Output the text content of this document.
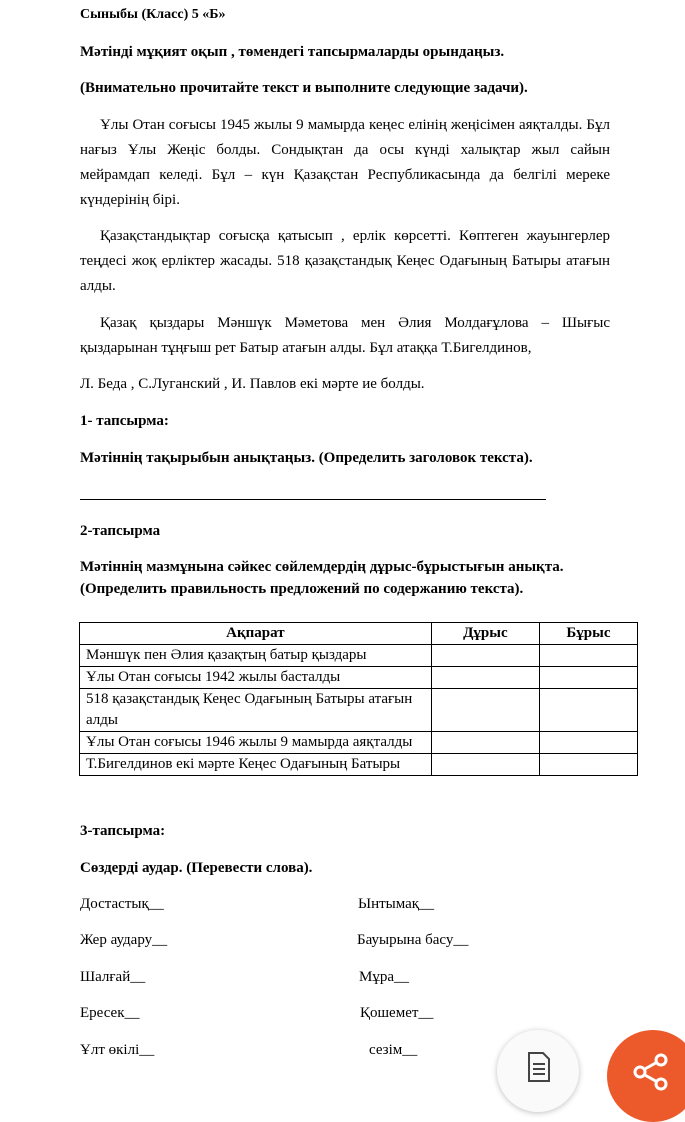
Сыныбы (Класс) 5 «Б»
Мәтінді мұқият оқып , төмендегі тапсырмаларды орындаңыз.
(Внимательно прочитайте текст и выполните следующие задачи).
Ұлы Отан соғысы 1945 жылы 9 мамырда кеңес елінің жеңісімен аяқталды. Бұл нағыз Ұлы Жеңіс болды. Сондықтан да осы күнді халықтар жыл сайын мейрамдап келеді. Бұл – күн Қазақстан Республикасында да белгілі мереке күндерінің бірі.
Қазақстандықтар соғысқа қатысып , ерлік көрсетті. Көптеген жауынгерлер теңдесі жоқ ерліктер жасады. 518 қазақстандық Кеңес Одағының Батыры атағын алды.
Қазақ қыздары Мәншүк Мәметова мен Әлия Молдағұлова – Шығыс қыздарынан тұңғыш рет Батыр атағын алды. Бұл атаққа Т.Бигелдинов,
Л. Беда , С.Луганский , И. Павлов екі мәрте ие болды.
1- тапсырма:
Мәтіннің тақырыбын анықтаңыз. (Определить заголовок текста).
2-тапсырма
Мәтіннің мазмұнына сәйкес сөйлемдердің дұрыс-бұрыстығын анықта.
(Определить правильность предложений по содержанию текста).
Ақпарат	Дұрыс	Бұрыс
Мәншүк пен Әлия қазақтың батыр қыздары		
Ұлы Отан соғысы 1942 жылы басталды		
518 қазақстандық Кеңес Одағының Батыры атағын алды		
Ұлы Отан соғысы 1946 жылы 9 мамырда аяқталды		
Т.Бигелдинов екі мәрте Кеңес Одағының Батыры		
3-тапсырма:
Сөздерді аудар. (Перевести слова).
Достастық__
Жер аудару__
Шалғай__
Ересек__
Ұлт өкілі__
Ынтымақ__
Бауырына басу__
Мұра__
Қошемет__
сезім__
